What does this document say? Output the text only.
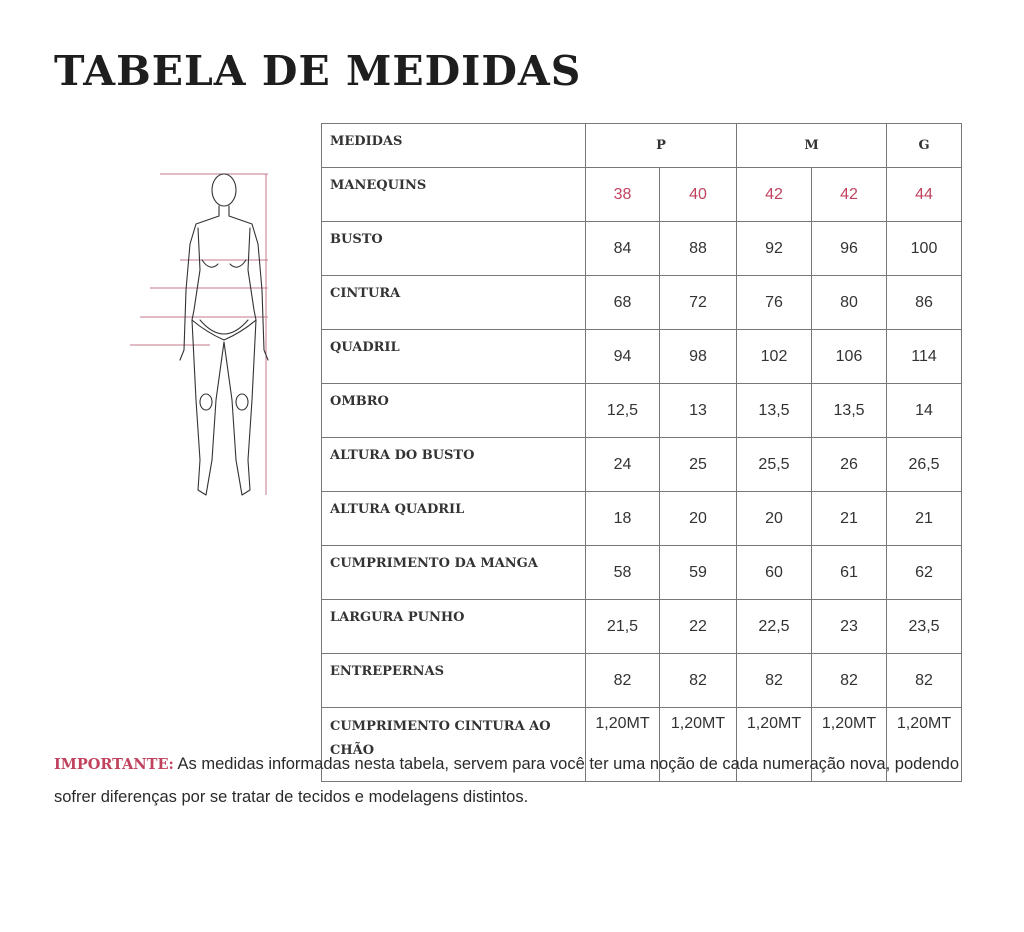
TABELA DE MEDIDAS
MEDIDAS	P		M		G
MANEQUINS	38	40	42	42	44
BUSTO	84	88	92	96	100
CINTURA	68	72	76	80	86
QUADRIL	94	98	102	106	114
OMBRO	12,5	13	13,5	13,5	14
ALTURA DO BUSTO	24	25	25,5	26	26,5
ALTURA QUADRIL	18	20	20	21	21
CUMPRIMENTO DA MANGA	58	59	60	61	62
LARGURA PUNHO	21,5	22	22,5	23	23,5
ENTREPERNAS	82	82	82	82	82
CUMPRIMENTO CINTURA AO CHÃO	1,20MT	1,20MT	1,20MT	1,20MT	1,20MT

IMPORTANTE: As medidas informadas nesta tabela, servem para você ter uma noção de cada numeração nova, podendo sofrer diferenças por se tratar de tecidos e modelagens distintos.
